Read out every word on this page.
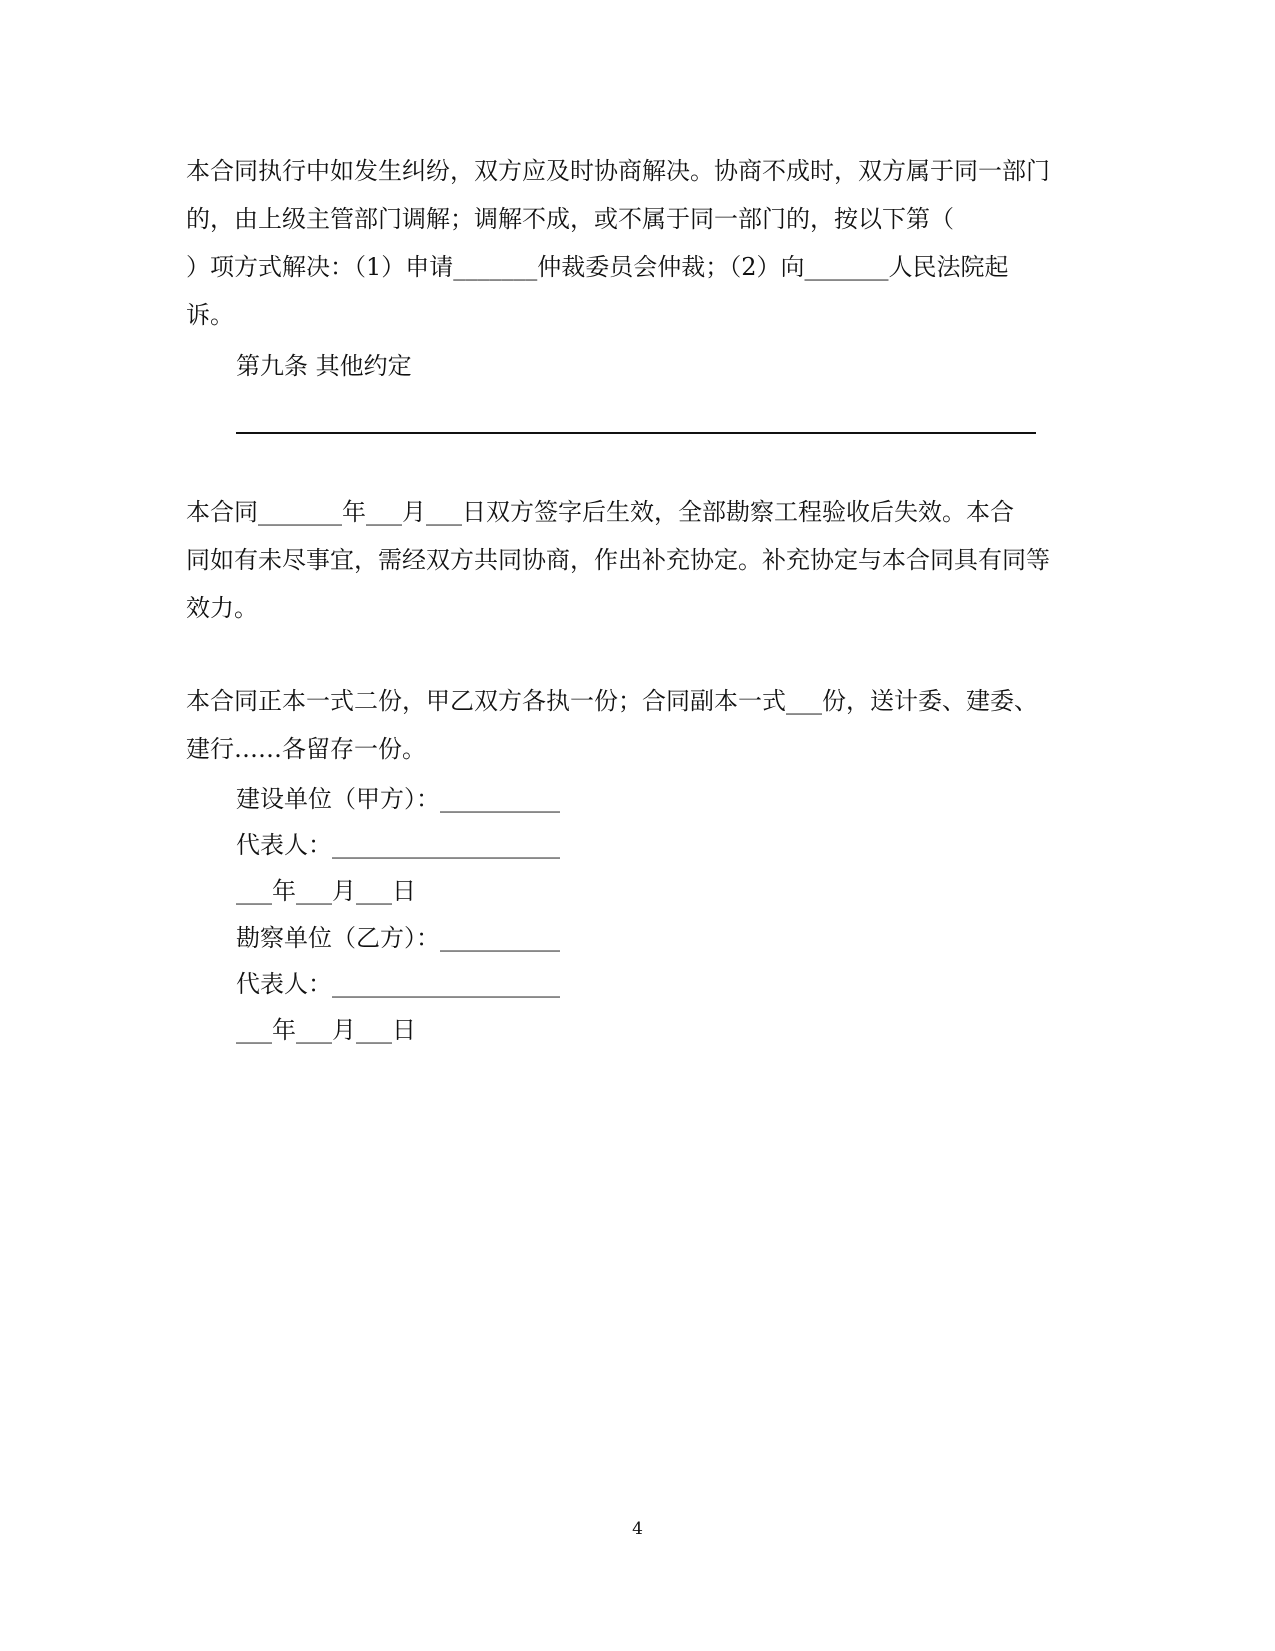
本合同执行中如发生纠纷，双方应及时协商解决。协商不成时，双方属于同一部门
的，由上级主管部门调解；调解不成，或不属于同一部门的，按以下第（
）项方式解决：（1）申请_______仲裁委员会仲裁；（2）向_______人民法院起
诉。
第九条 其他约定
本合同_______年___月___日双方签字后生效，全部勘察工程验收后失效。本合
同如有未尽事宜，需经双方共同协商，作出补充协定。补充协定与本合同具有同等
效力。
本合同正本一式二份，甲乙双方各执一份；合同副本一式___份，送计委、建委、
建行……各留存一份。
建设单位（甲方）：__________
代表人：___________________
___年___月___日
勘察单位（乙方）：__________
代表人：___________________
___年___月___日
4
